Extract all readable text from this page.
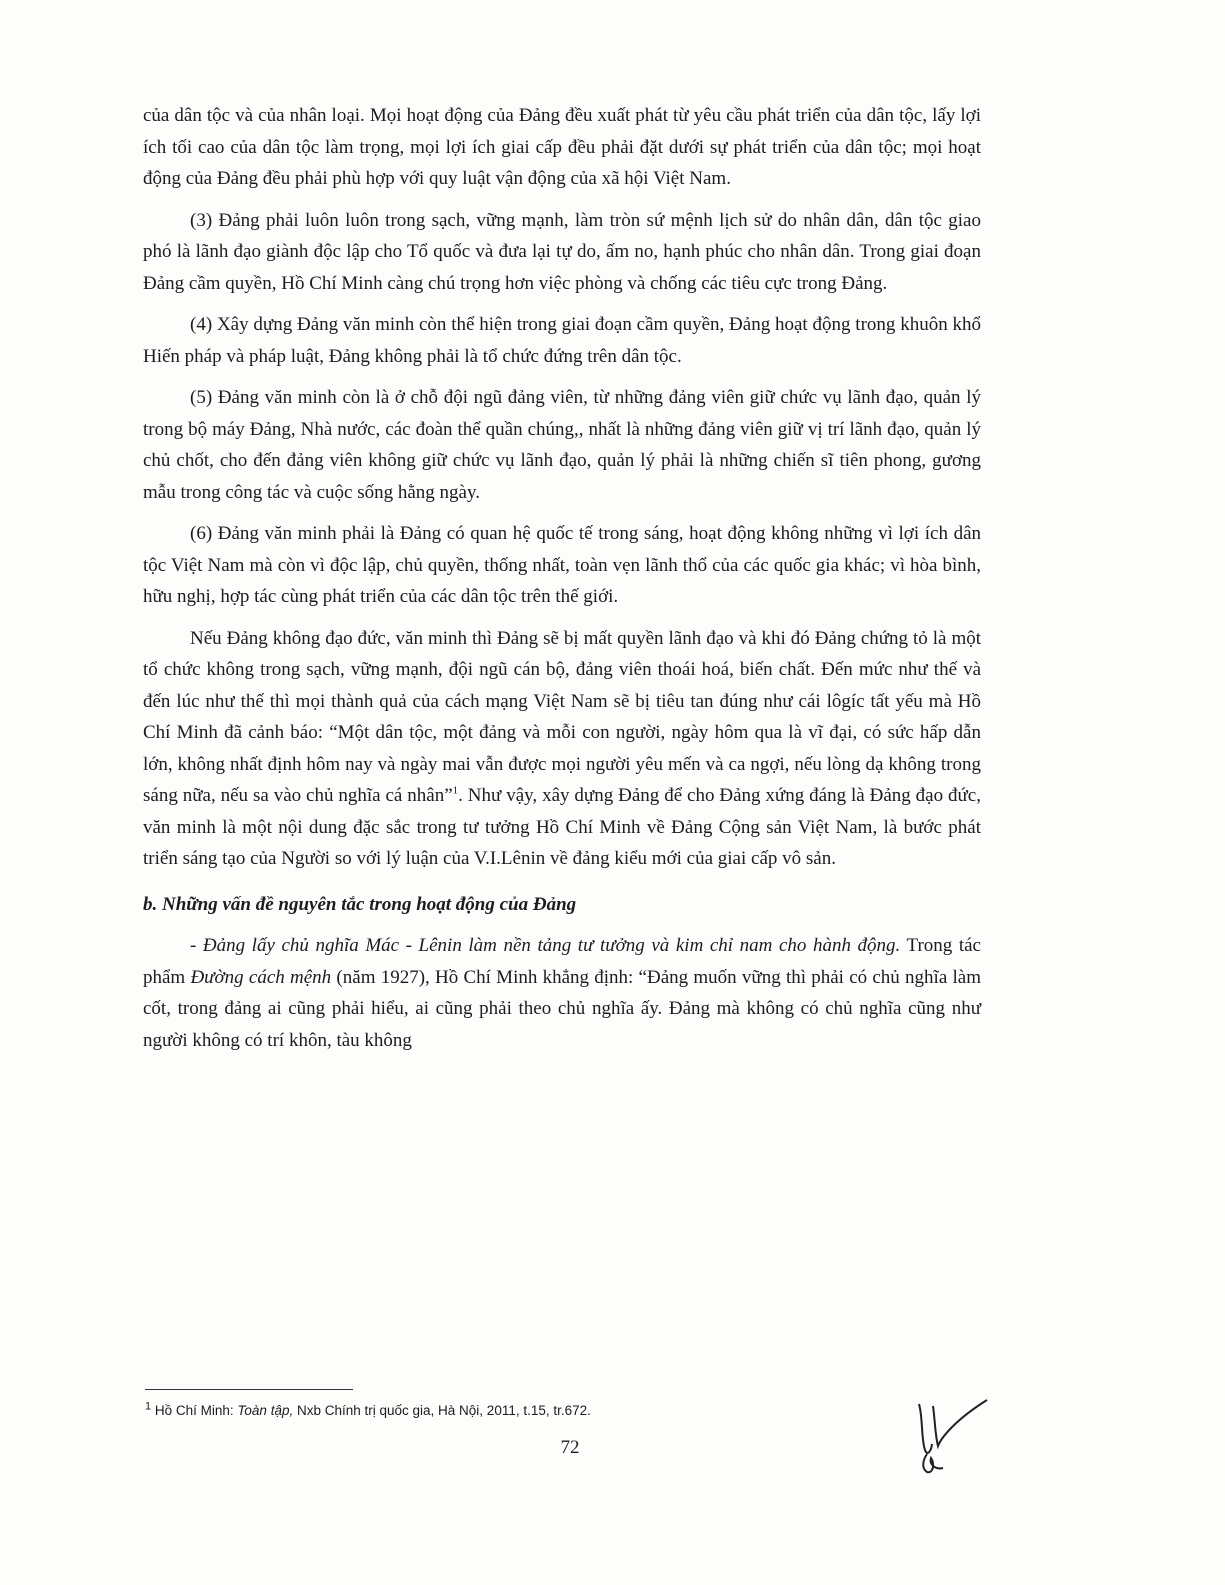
của dân tộc và của nhân loại. Mọi hoạt động của Đảng đều xuất phát từ yêu cầu phát triển của dân tộc, lấy lợi ích tối cao của dân tộc làm trọng, mọi lợi ích giai cấp đều phải đặt dưới sự phát triển của dân tộc; mọi hoạt động của Đảng đều phải phù hợp với quy luật vận động của xã hội Việt Nam.

(3) Đảng phải luôn luôn trong sạch, vững mạnh, làm tròn sứ mệnh lịch sử do nhân dân, dân tộc giao phó là lãnh đạo giành độc lập cho Tổ quốc và đưa lại tự do, ấm no, hạnh phúc cho nhân dân. Trong giai đoạn Đảng cầm quyền, Hồ Chí Minh càng chú trọng hơn việc phòng và chống các tiêu cực trong Đảng.

(4) Xây dựng Đảng văn minh còn thể hiện trong giai đoạn cầm quyền, Đảng hoạt động trong khuôn khổ Hiến pháp và pháp luật, Đảng không phải là tổ chức đứng trên dân tộc.

(5) Đảng văn minh còn là ở chỗ đội ngũ đảng viên, từ những đảng viên giữ chức vụ lãnh đạo, quản lý trong bộ máy Đảng, Nhà nước, các đoàn thể quần chúng,, nhất là những đảng viên giữ vị trí lãnh đạo, quản lý chủ chốt, cho đến đảng viên không giữ chức vụ lãnh đạo, quản lý phải là những chiến sĩ tiên phong, gương mẫu trong công tác và cuộc sống hằng ngày.

(6) Đảng văn minh phải là Đảng có quan hệ quốc tế trong sáng, hoạt động không những vì lợi ích dân tộc Việt Nam mà còn vì độc lập, chủ quyền, thống nhất, toàn vẹn lãnh thổ của các quốc gia khác; vì hòa bình, hữu nghị, hợp tác cùng phát triển của các dân tộc trên thế giới.

Nếu Đảng không đạo đức, văn minh thì Đảng sẽ bị mất quyền lãnh đạo và khi đó Đảng chứng tỏ là một tổ chức không trong sạch, vững mạnh, đội ngũ cán bộ, đảng viên thoái hoá, biến chất. Đến mức như thế và đến lúc như thế thì mọi thành quả của cách mạng Việt Nam sẽ bị tiêu tan đúng như cái lôgíc tất yếu mà Hồ Chí Minh đã cảnh báo: “Một dân tộc, một đảng và mỗi con người, ngày hôm qua là vĩ đại, có sức hấp dẫn lớn, không nhất định hôm nay và ngày mai vẫn được mọi người yêu mến và ca ngợi, nếu lòng dạ không trong sáng nữa, nếu sa vào chủ nghĩa cá nhân”$^1$. Như vậy, xây dựng Đảng để cho Đảng xứng đáng là Đảng đạo đức, văn minh là một nội dung đặc sắc trong tư tưởng Hồ Chí Minh về Đảng Cộng sản Việt Nam, là bước phát triển sáng tạo của Người so với lý luận của V.I.Lênin về đảng kiểu mới của giai cấp vô sản.

b. Những vấn đề nguyên tắc trong hoạt động của Đảng

- Đảng lấy chủ nghĩa Mác - Lênin làm nền tảng tư tưởng và kim chỉ nam cho hành động. Trong tác phẩm Đường cách mệnh (năm 1927), Hồ Chí Minh khẳng định: “Đảng muốn vững thì phải có chủ nghĩa làm cốt, trong đảng ai cũng phải hiểu, ai cũng phải theo chủ nghĩa ấy. Đảng mà không có chủ nghĩa cũng như người không có trí khôn, tàu không

$^1$ Hồ Chí Minh: Toàn tập, Nxb Chính trị quốc gia, Hà Nội, 2011, t.15, tr.672.
72
